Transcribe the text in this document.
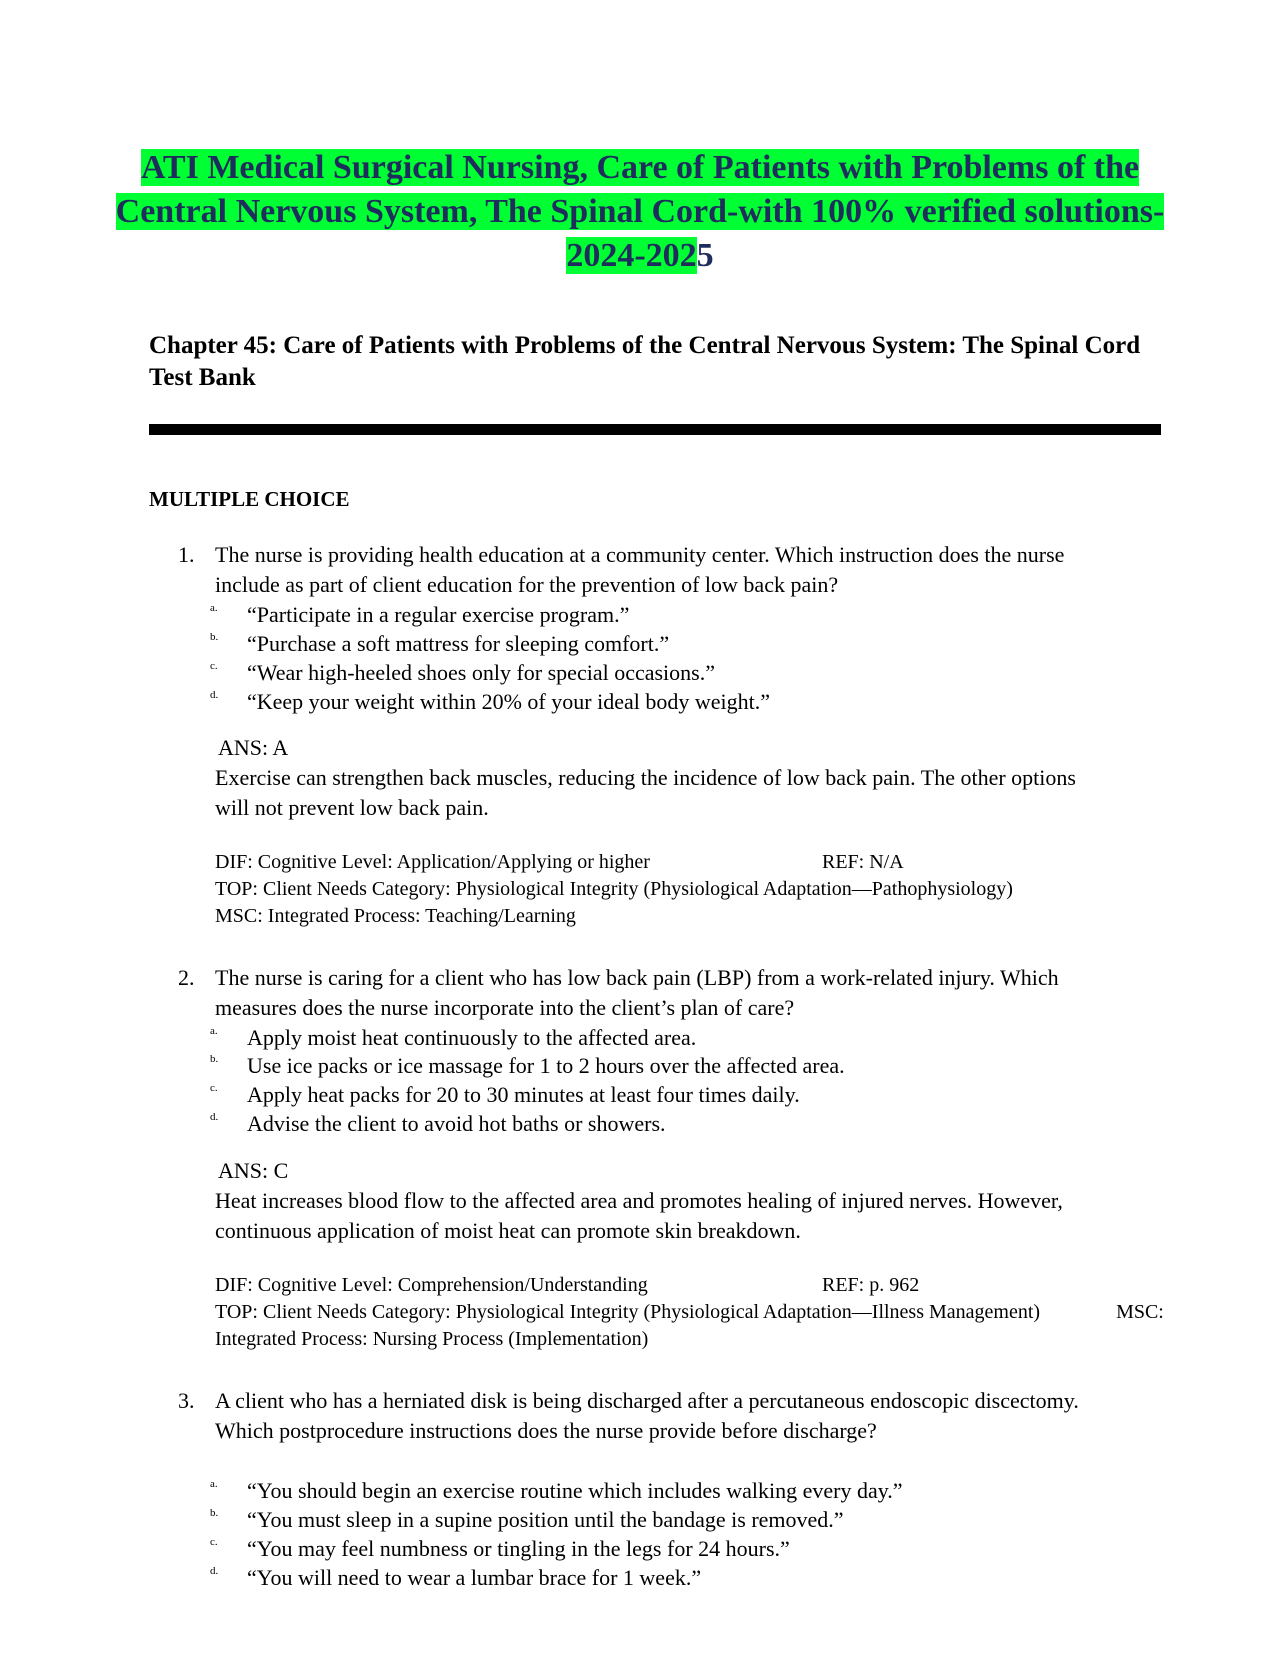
ATI Medical Surgical Nursing, Care of Patients with Problems of the Central Nervous System, The Spinal Cord-with 100% verified solutions-2024-2025
Chapter 45: Care of Patients with Problems of the Central Nervous System: The Spinal Cord
Test Bank
MULTIPLE CHOICE
1. The nurse is providing health education at a community center. Which instruction does the nurse include as part of client education for the prevention of low back pain?
a. “Participate in a regular exercise program.”
b. “Purchase a soft mattress for sleeping comfort.”
c. “Wear high-heeled shoes only for special occasions.”
d. “Keep your weight within 20% of your ideal body weight.”
ANS: A
Exercise can strengthen back muscles, reducing the incidence of low back pain. The other options will not prevent low back pain.
DIF: Cognitive Level: Application/Applying or higher	REF: N/A
TOP: Client Needs Category: Physiological Integrity (Physiological Adaptation—Pathophysiology)
MSC: Integrated Process: Teaching/Learning
2. The nurse is caring for a client who has low back pain (LBP) from a work-related injury. Which measures does the nurse incorporate into the client’s plan of care?
a. Apply moist heat continuously to the affected area.
b. Use ice packs or ice massage for 1 to 2 hours over the affected area.
c. Apply heat packs for 20 to 30 minutes at least four times daily.
d. Advise the client to avoid hot baths or showers.
ANS: C
Heat increases blood flow to the affected area and promotes healing of injured nerves. However, continuous application of moist heat can promote skin breakdown.
DIF: Cognitive Level: Comprehension/Understanding	REF: p. 962
TOP: Client Needs Category: Physiological Integrity (Physiological Adaptation—Illness Management)	MSC: Integrated Process: Nursing Process (Implementation)
3. A client who has a herniated disk is being discharged after a percutaneous endoscopic discectomy. Which postprocedure instructions does the nurse provide before discharge?
a. “You should begin an exercise routine which includes walking every day.”
b. “You must sleep in a supine position until the bandage is removed.”
c. “You may feel numbness or tingling in the legs for 24 hours.”
d. “You will need to wear a lumbar brace for 1 week.”
